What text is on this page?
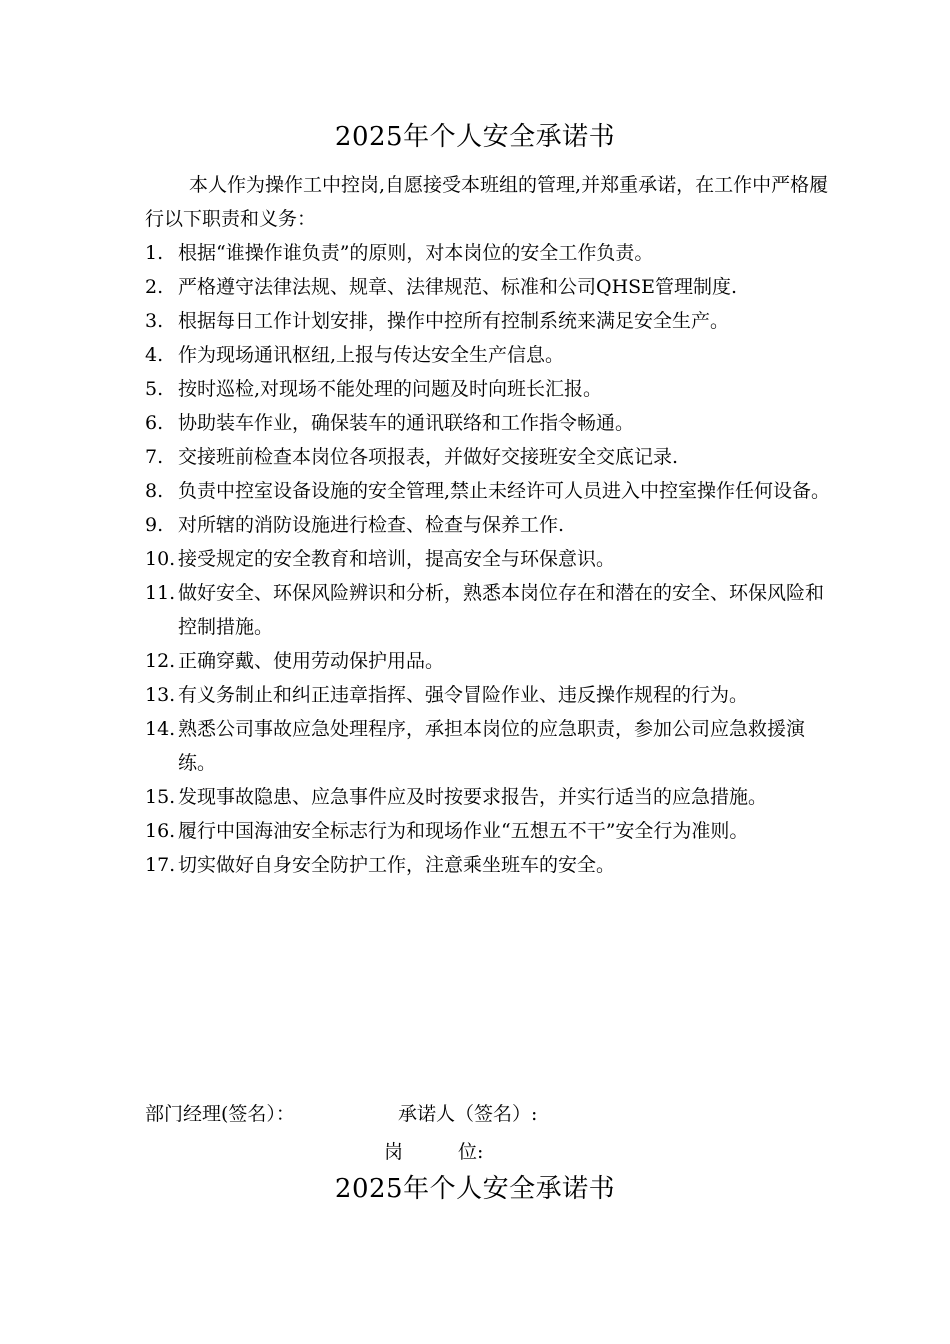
2025年个人安全承诺书

本人作为操作工中控岗,自愿接受本班组的管理,并郑重承诺，在工作中严格履行以下职责和义务：

1. 根据“谁操作谁负责”的原则，对本岗位的安全工作负责。
2. 严格遵守法律法规、规章、法律规范、标准和公司QHSE管理制度.
3. 根据每日工作计划安排，操作中控所有控制系统来满足安全生产。
4. 作为现场通讯枢纽,上报与传达安全生产信息。
5. 按时巡检,对现场不能处理的问题及时向班长汇报。
6. 协助装车作业，确保装车的通讯联络和工作指令畅通。
7. 交接班前检查本岗位各项报表，并做好交接班安全交底记录.
8. 负责中控室设备设施的安全管理,禁止未经许可人员进入中控室操作任何设备。
9. 对所辖的消防设施进行检查、检查与保养工作.
10. 接受规定的安全教育和培训，提高安全与环保意识。
11. 做好安全、环保风险辨识和分析，熟悉本岗位存在和潜在的安全、环保风险和控制措施。
12. 正确穿戴、使用劳动保护用品。
13. 有义务制止和纠正违章指挥、强令冒险作业、违反操作规程的行为。
14. 熟悉公司事故应急处理程序，承担本岗位的应急职责，参加公司应急救援演练。
15. 发现事故隐患、应急事件应及时按要求报告，并实行适当的应急措施。
16. 履行中国海油安全标志行为和现场作业“五想五不干”安全行为准则。
17. 切实做好自身安全防护工作，注意乘坐班车的安全。
部门经理(签名）：	承诺人（签名）:
岗	位:
2025年个人安全承诺书
